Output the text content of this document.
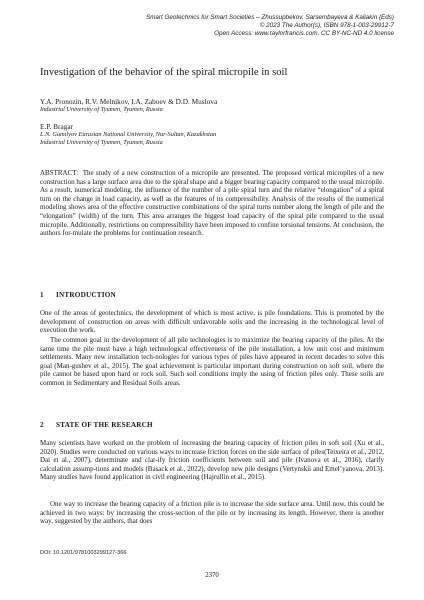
Smart Geotechnics for Smart Societies – Zhussupbekov, Sarsembayeva & Kaliakin (Eds)
© 2023 The Author(s), ISBN 978-1-003-29912-7
Open Access: www.taylorfrancis.com, CC BY-NC-ND 4.0 license
Investigation of the behavior of the spiral micropile in soil
Y.A. Pronozin, R.V. Melnikov, I.A. Zaboev & D.D. Muslova
Industrial University of Tyumen, Tyumen, Russia
E.P. Bragar
L.N. Gumilyov Eurasian National University, Nur-Sultan, Kazakhstan
Industrial University of Tyumen, Tyumen, Russia

ABSTRACT: The study of a new construction of a micropile are presented. The proposed vertical micropiles of a new construction has a large surface area due to the spiral shape and a bigger bearing capacity compared to the usual micropile. As a result, numerical modeling, the influence of the number of a pile spiral turn and the relative “elongation” of a spiral turn on the change in load capacity, as well as the features of its compressibility. Analysis of the results of the numerical modeling shows area of the effective constructive combinations of the spiral turns number along the length of pile and the “elongation” (width) of the turn. This area arranges the biggest load capacity of the spiral pile compared to the usual micropile. Additionally, restrictions on compressibility have been imposed to confine torsional tensions. At conclusion, the authors for-mulate the problems for continuation research.

1 INTRODUCTION

One of the areas of geotechnics, the development of which is most active, is pile foundations. This is promoted by the development of construction on areas with difficult unfavorable soils and the increasing in the technological level of execution the work.

The common goal in the development of all pile technologies is to maximize the bearing capacity of the piles. At the same time the pile must have a high technological effectiveness of the pile installation, a low unit cost and minimum settlements. Many new installation tech-nologies for various types of piles have appeared in recent decades to solve this goal (Man-gushev et al., 2015). The goal achievement is particular important during construction on soft soil, where the pile cannot be based upon hard or rock soil. Such soil conditions imply the using of friction piles only. These soils are common in Sedimentary and Residual Soils areas.

2 STATE OF THE RESEARCH

Many scientists have worked on the problem of increasing the bearing capacity of friction piles in soft soil (Xu et al., 2020). Studies were conducted on various ways to increase friction forces on the side surface of piles(Teixeira et al., 2012, Dai et al., 2007), determinate and clar-ify friction coefficients between soil and pile (Ivanova et al., 2016), clarify calculation assump-tions and models (Basack et al., 2022), develop new pile designs (Vertynskii and Emel’yanova, 2013). Many studies have found application in civil engineering (Hajrullin et al., 2015).

One way to increase the bearing capacity of a friction pile is to increase the side surface area. Until now, this could be achieved in two ways: by increasing the cross-section of the pile or by increasing its length. However, there is another way, suggested by the authors, that does

DOI: 10.1201/9781003299127-366
2370
